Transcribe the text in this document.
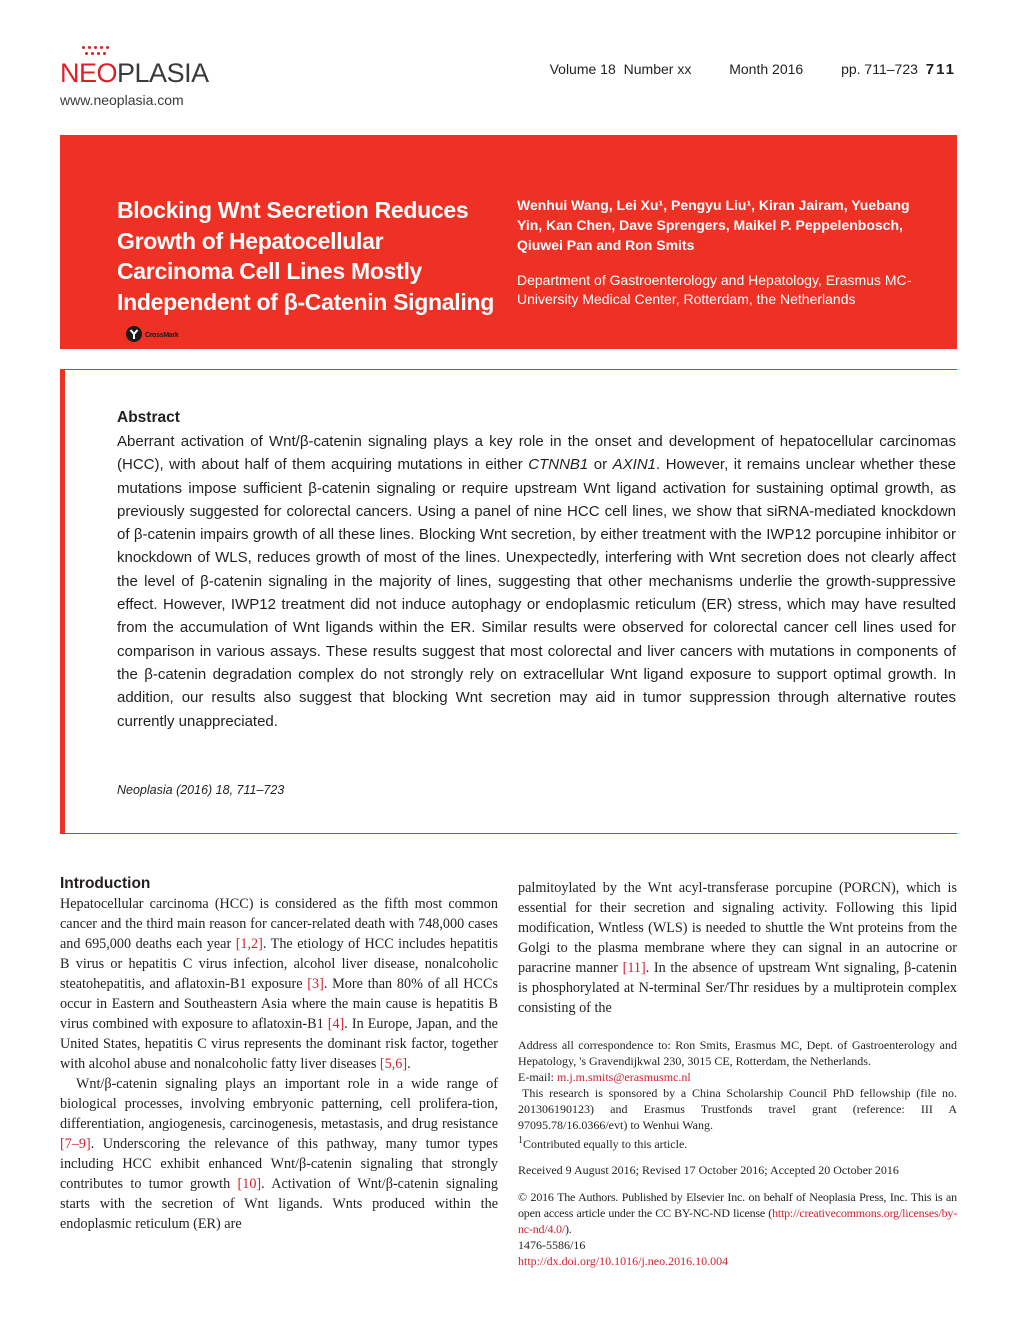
NEOPLASIA
www.neoplasia.com
Volume 18 Number xx	Month 2016	pp. 711–723 711
Blocking Wnt Secretion Reduces Growth of Hepatocellular Carcinoma Cell Lines Mostly Independent of β-Catenin Signaling
CrossMark
Wenhui Wang, Lei Xu¹, Pengyu Liu¹, Kiran Jairam, Yuebang Yin, Kan Chen, Dave Sprengers, Maikel P. Peppelenbosch, Qiuwei Pan and Ron Smits
Department of Gastroenterology and Hepatology, Erasmus MC-University Medical Center, Rotterdam, the Netherlands
Abstract
Aberrant activation of Wnt/β-catenin signaling plays a key role in the onset and development of hepatocellular carcinomas (HCC), with about half of them acquiring mutations in either CTNNB1 or AXIN1. However, it remains unclear whether these mutations impose sufficient β-catenin signaling or require upstream Wnt ligand activation for sustaining optimal growth, as previously suggested for colorectal cancers. Using a panel of nine HCC cell lines, we show that siRNA-mediated knockdown of β-catenin impairs growth of all these lines. Blocking Wnt secretion, by either treatment with the IWP12 porcupine inhibitor or knockdown of WLS, reduces growth of most of the lines. Unexpectedly, interfering with Wnt secretion does not clearly affect the level of β-catenin signaling in the majority of lines, suggesting that other mechanisms underlie the growth-suppressive effect. However, IWP12 treatment did not induce autophagy or endoplasmic reticulum (ER) stress, which may have resulted from the accumulation of Wnt ligands within the ER. Similar results were observed for colorectal cancer cell lines used for comparison in various assays. These results suggest that most colorectal and liver cancers with mutations in components of the β-catenin degradation complex do not strongly rely on extracellular Wnt ligand exposure to support optimal growth. In addition, our results also suggest that blocking Wnt secretion may aid in tumor suppression through alternative routes currently unappreciated.
Neoplasia (2016) 18, 711–723
Introduction

Hepatocellular carcinoma (HCC) is considered as the fifth most common cancer and the third main reason for cancer-related death with 748,000 cases and 695,000 deaths each year [1,2]. The etiology of HCC includes hepatitis B virus or hepatitis C virus infection, alcohol liver disease, nonalcoholic steatohepatitis, and aflatoxin-B1 exposure [3]. More than 80% of all HCCs occur in Eastern and Southeastern Asia where the main cause is hepatitis B virus combined with exposure to aflatoxin-B1 [4]. In Europe, Japan, and the United States, hepatitis C virus represents the dominant risk factor, together with alcohol abuse and nonalcoholic fatty liver diseases [5,6].

Wnt/β-catenin signaling plays an important role in a wide range of biological processes, involving embryonic patterning, cell prolifera-tion, differentiation, angiogenesis, carcinogenesis, metastasis, and drug resistance [7–9]. Underscoring the relevance of this pathway, many tumor types including HCC exhibit enhanced Wnt/β-catenin signaling that strongly contributes to tumor growth [10]. Activation of Wnt/β-catenin signaling starts with the secretion of Wnt ligands. Wnts produced within the endoplasmic reticulum (ER) are

palmitoylated by the Wnt acyl-transferase porcupine (PORCN), which is essential for their secretion and signaling activity. Following this lipid modification, Wntless (WLS) is needed to shuttle the Wnt proteins from the Golgi to the plasma membrane where they can signal in an autocrine or paracrine manner [11]. In the absence of upstream Wnt signaling, β-catenin is phosphorylated at N-terminal Ser/Thr residues by a multiprotein complex consisting of the

Address all correspondence to: Ron Smits, Erasmus MC, Dept. of Gastroenterology and Hepatology, 's Gravendijkwal 230, 3015 CE, Rotterdam, the Netherlands.

E-mail: m.j.m.smits@erasmusmc.nl

This research is sponsored by a China Scholarship Council PhD fellowship (file no. 201306190123) and Erasmus Trustfonds travel grant (reference: III A 97095.78/16.0366/evt) to Wenhui Wang.

$^1$Contributed equally to this article.

Received 9 August 2016; Revised 17 October 2016; Accepted 20 October 2016

© 2016 The Authors. Published by Elsevier Inc. on behalf of Neoplasia Press, Inc. This is an open access article under the CC BY-NC-ND license (http://creativecommons.org/licenses/by-nc-nd/4.0/).

1476-5586/16

http://dx.doi.org/10.1016/j.neo.2016.10.004
